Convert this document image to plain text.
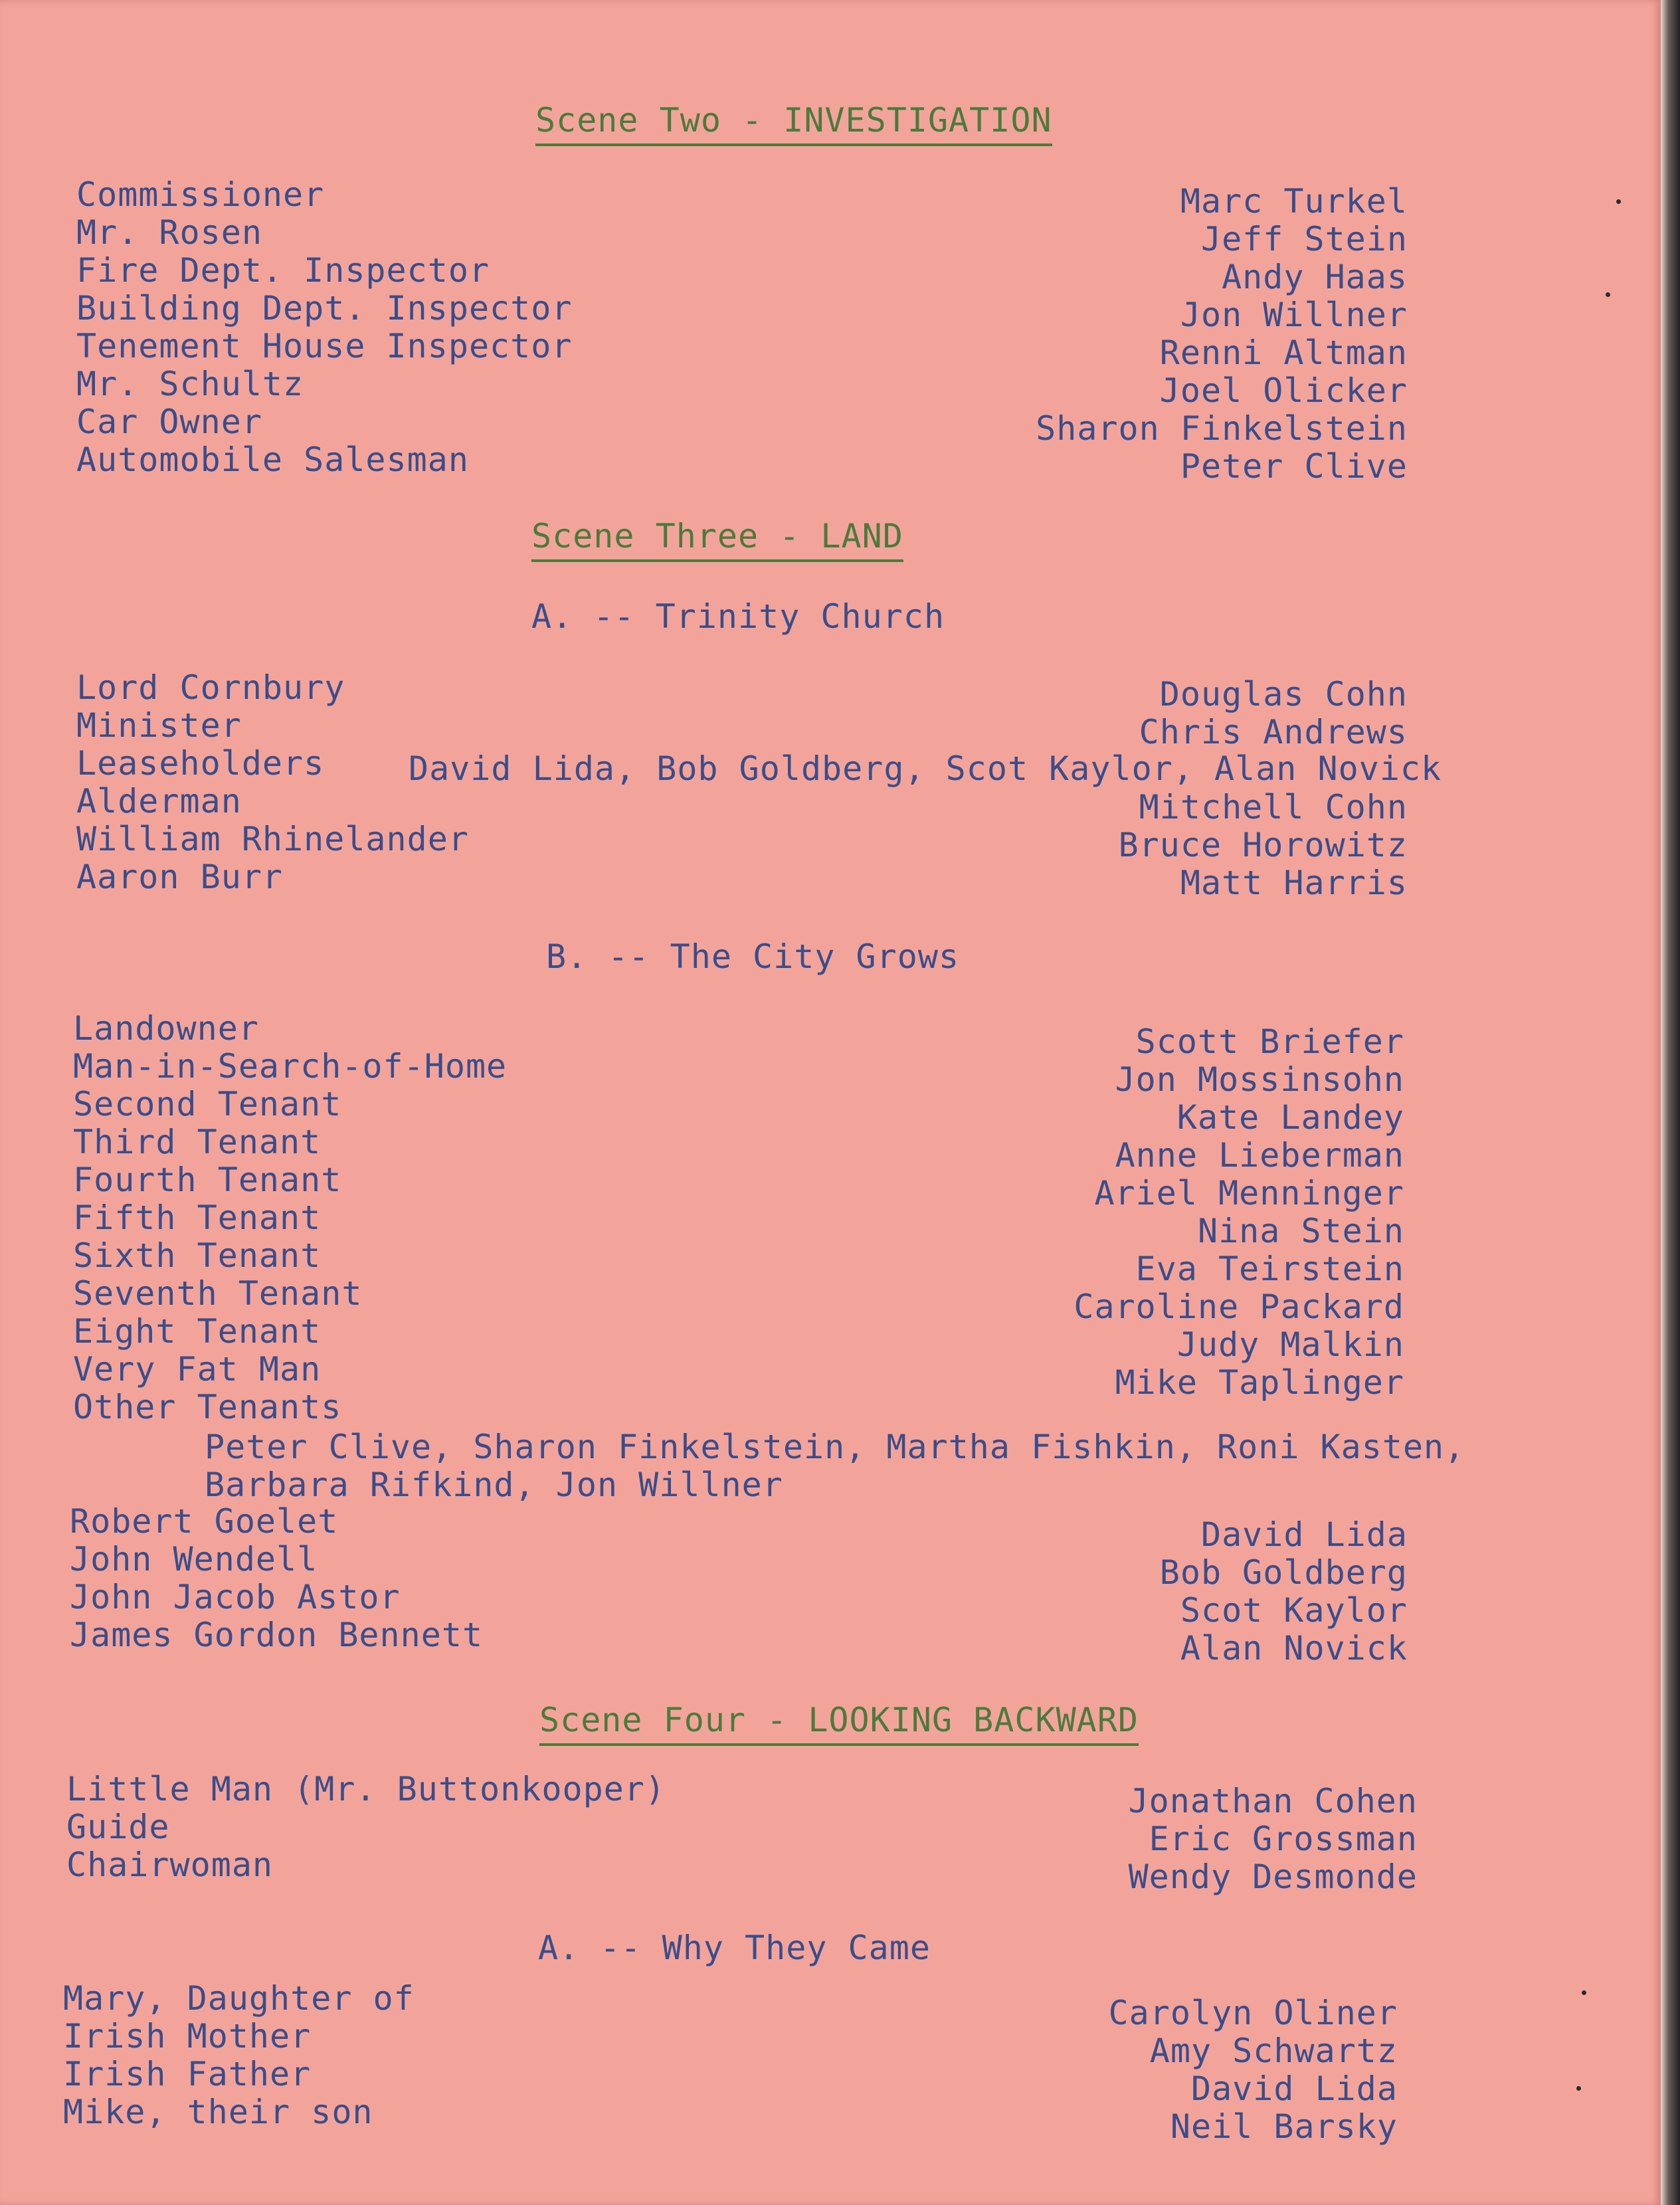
Scene Two - INVESTIGATION
Commissioner
Mr. Rosen
Fire Dept. Inspector
Building Dept. Inspector
Tenement House Inspector
Mr. Schultz
Car Owner
Automobile Salesman
Marc Turkel
Jeff Stein
Andy Haas
Jon Willner
Renni Altman
Joel Olicker
Sharon Finkelstein
Peter Clive
Scene Three - LAND
A. -- Trinity Church
Lord Cornbury
Minister
Leaseholders
Alderman
William Rhinelander
Aaron Burr
David Lida, Bob Goldberg, Scot Kaylor, Alan Novick
Douglas Cohn
Chris Andrews
Mitchell Cohn
Bruce Horowitz
Matt Harris
B. -- The City Grows
Landowner
Man-in-Search-of-Home
Second Tenant
Third Tenant
Fourth Tenant
Fifth Tenant
Sixth Tenant
Seventh Tenant
Eight Tenant
Very Fat Man
Other Tenants
Scott Briefer
Jon Mossinsohn
Kate Landey
Anne Lieberman
Ariel Menninger
Nina Stein
Eva Teirstein
Caroline Packard
Judy Malkin
Mike Taplinger
Peter Clive, Sharon Finkelstein, Martha Fishkin, Roni Kasten,
Barbara Rifkind, Jon Willner
Robert Goelet
John Wendell
John Jacob Astor
James Gordon Bennett
David Lida
Bob Goldberg
Scot Kaylor
Alan Novick
Scene Four - LOOKING BACKWARD
Little Man (Mr. Buttonkooper)
Guide
Chairwoman
Jonathan Cohen
Eric Grossman
Wendy Desmonde
A. -- Why They Came
Mary, Daughter of
Irish Mother
Irish Father
Mike, their son
Carolyn Oliner
Amy Schwartz
David Lida
Neil Barsky
